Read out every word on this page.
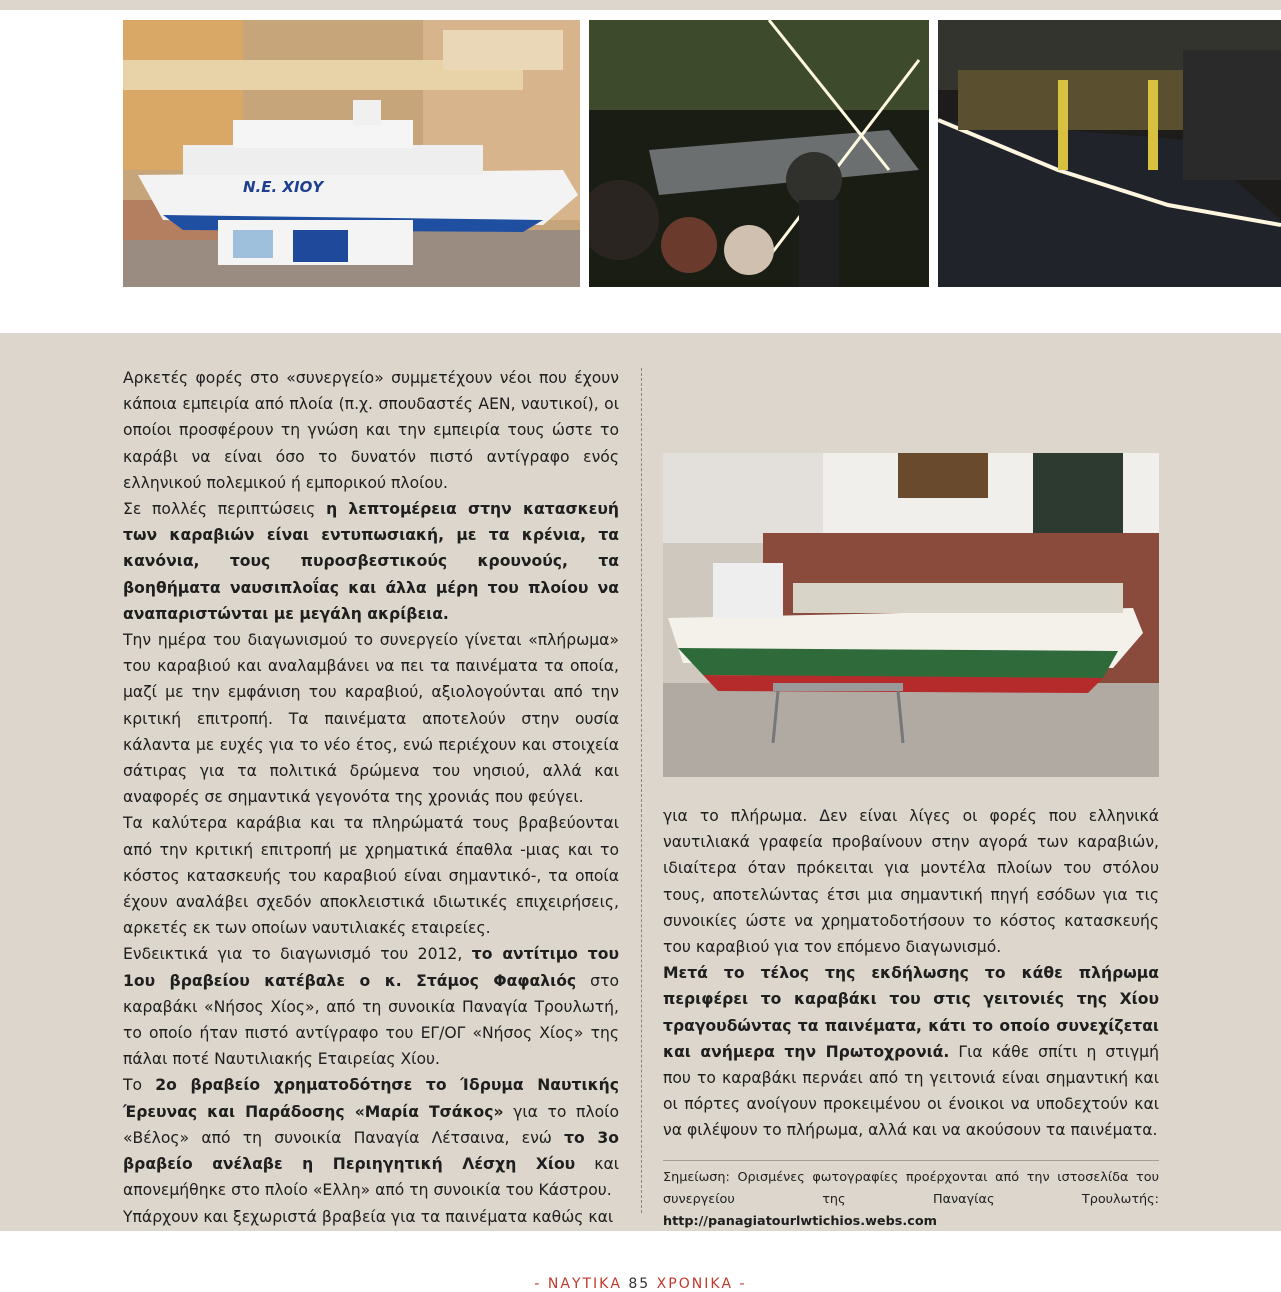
Ν.Ε. ΧΙΟΥ

Αρκετές φορές στο «συνεργείο» συμμετέχουν νέοι που έχουν κάποια εμπειρία από πλοία (π.χ. σπουδαστές ΑΕΝ, ναυτικοί), οι οποίοι προσφέρουν τη γνώση και την εμπειρία τους ώστε το καράβι να είναι όσο το δυνατόν πιστό αντίγραφο ενός ελληνικού πολεμικού ή εμπορικού πλοίου.

Σε πολλές περιπτώσεις η λεπτομέρεια στην κατασκευή των καραβιών είναι εντυπωσιακή, με τα κρένια, τα κανόνια, τους πυροσβεστικούς κρουνούς, τα βοηθήματα ναυσιπλοΐας και άλλα μέρη του πλοίου να αναπαριστώνται με μεγάλη ακρίβεια.

Την ημέρα του διαγωνισμού το συνεργείο γίνεται «πλήρωμα» του καραβιού και αναλαμβάνει να πει τα παινέματα τα οποία, μαζί με την εμφάνιση του καραβιού, αξιολογούνται από την κριτική επιτροπή. Τα παινέματα αποτελούν στην ουσία κάλαντα με ευχές για το νέο έτος, ενώ περιέχουν και στοιχεία σάτιρας για τα πολιτικά δρώμενα του νησιού, αλλά και αναφορές σε σημαντικά γεγονότα της χρονιάς που φεύγει.

Τα καλύτερα καράβια και τα πληρώματά τους βραβεύονται από την κριτική επιτροπή με χρηματικά έπαθλα -μιας και το κόστος κατασκευής του καραβιού είναι σημαντικό-, τα οποία έχουν αναλάβει σχεδόν αποκλειστικά ιδιωτικές επιχειρήσεις, αρκετές εκ των οποίων ναυτιλιακές εταιρείες.

Ενδεικτικά για το διαγωνισμό του 2012, το αντίτιμο του 1ου βραβείου κατέβαλε ο κ. Στάμος Φαφαλιός στο καραβάκι «Νήσος Χίος», από τη συνοικία Παναγία Τρουλωτή, το οποίο ήταν πιστό αντίγραφο του ΕΓ/ΟΓ «Νήσος Χίος» της πάλαι ποτέ Ναυτιλιακής Εταιρείας Χίου.

Το 2ο βραβείο χρηματοδότησε το Ίδρυμα Ναυτικής Έρευνας και Παράδοσης «Μαρία Τσάκος» για το πλοίο «Βέλος» από τη συνοικία Παναγία Λέτσαινα, ενώ το 3ο βραβείο ανέλαβε η Περιηγητική Λέσχη Χίου και απονεμήθηκε στο πλοίο «Ελλη» από τη συνοικία του Κάστρου.

Υπάρχουν και ξεχωριστά βραβεία για τα παινέματα καθώς και

για το πλήρωμα. Δεν είναι λίγες οι φορές που ελληνικά ναυτιλιακά γραφεία προβαίνουν στην αγορά των καραβιών, ιδιαίτερα όταν πρόκειται για μοντέλα πλοίων του στόλου τους, αποτελώντας έτσι μια σημαντική πηγή εσόδων για τις συνοικίες ώστε να χρηματοδοτήσουν το κόστος κατασκευής του καραβιού για τον επόμενο διαγωνισμό.

Μετά το τέλος της εκδήλωσης το κάθε πλήρωμα περιφέρει το καραβάκι του στις γειτονιές της Χίου τραγουδώντας τα παινέματα, κάτι το οποίο συνεχίζεται και ανήμερα την Πρωτοχρονιά. Για κάθε σπίτι η στιγμή που το καραβάκι περνάει από τη γειτονιά είναι σημαντική και οι πόρτες ανοίγουν προκειμένου οι ένοικοι να υποδεχτούν και να φιλέψουν το πλήρωμα, αλλά και να ακούσουν τα παινέματα.

Σημείωση: Ορισμένες φωτογραφίες προέρχονται από την ιστοσελίδα του συνεργείου της Παναγίας Τρουλωτής: http://panagiatourlwtichios.webs.com
- ΝΑΥΤΙΚΑ 85 ΧΡΟΝΙΚΑ -
